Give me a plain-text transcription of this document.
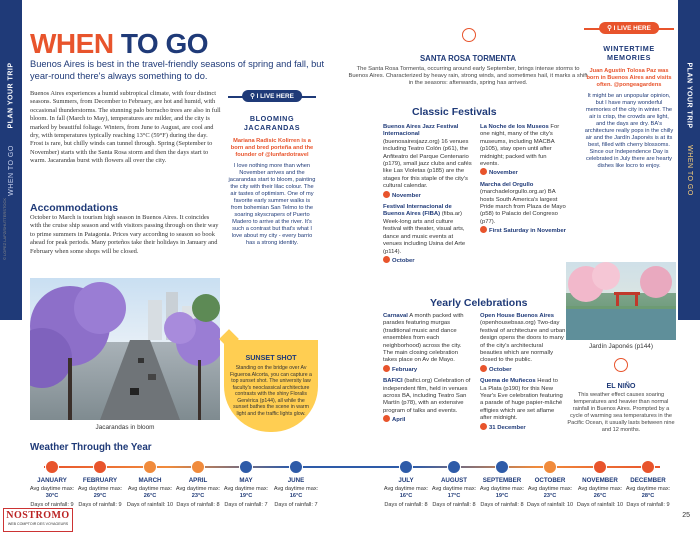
PLAN YOUR TRIP
WHEN TO GO
PLAN YOUR TRIP
WHEN TO GO
WHEN TO GO
Buenos Aires is best in the travel-friendly seasons of spring and fall, but year-round there's always something to do.
Buenos Aires experiences a humid subtropical climate, with four distinct seasons. Summers, from December to February, are hot and humid, with occasional thunderstorms. The stunning palo borracho trees are also in full bloom. In fall (March to May), temperatures are milder, and the city is marked by beautiful foliage. Winters, from June to August, are cool and dry, with temperatures typically reaching 13°C (59°F) during the day. Frost is rare, but chilly winds can tunnel through. Spring (September to November) starts with the Santa Rosa storm and then the days start to warm. Jacarandas burst with flowers all over the city.
Accommodations
October to March is tourism high season in Buenos Aires. It coincides with the cruise ship season and with visitors passing through on their way to prime summers in Patagonia. Prices vary according to season so book ahead for peak periods. Many porteños take their holidays in January and February when some shops will be closed.
⚲ I LIVE HERE
BLOOMING JACARANDAS
Mariana Radisic Kolirren is a born and bred porteña and the founder of @lunfardotravel
I love nothing more than when November arrives and the jacarandas start to bloom, painting the city with their lilac colour. The air tastes of optimism. One of my favorite early summer walks is from bohemian San Telmo to the soaring skyscrapers of Puerto Madero to arrive at the river. It's such a contrast but that's what I love about my city - every barrio has a strong identity.
Jacarandas in bloom
SUNSET SHOT
Standing on the bridge over Av Figueroa Alcorta, you can capture a top sunset shot. The university law faculty's neoclassical architecture contrasts with the shiny Floralis Genérica (p144), all while the sunset bathes the scene in warm light and the traffic lights glow.
SANTA ROSA TORMENTA
The Santa Rosa Tormenta, occurring around early September, brings intense storms to Buenos Aires. Characterized by heavy rain, strong winds, and sometimes hail, it marks a shift in the seasons: afterwards, spring has arrived.
Classic Festivals
Buenos Aires Jazz Festival Internacional (buenosairesjazz.org) 16 venues including Teatro Colón (p61), the Anfiteatro del Parque Centenario (p179), small jazz clubs and cafés like Las Violetas (p185) are the stages for this staple of the city's cultural calendar.
November
Festival Internacional de Buenos Aires (FIBA) (fiba.ar) Week-long arts and culture festival with theater, visual arts, dance and music events at venues including Usina del Arte (p114).
October
La Noche de los Museos For one night, many of the city's museums, including MACBA (p105), stay open until after midnight; packed with fun events.
November
Marcha del Orgullo (marchadelorgullo.org.ar) BA hosts South America's largest Pride march from Plaza de Mayo (p58) to Palacio del Congreso (p77).
First Saturday in November
Yearly Celebrations
Carnaval A month packed with parades featuring murgas (traditional music and dance ensembles from each neighborhood) across the city. The main closing celebration takes place on Av de Mayo.
February
BAFICI (bafici.org) Celebration of independent film, held in venues across BA, including Teatro San Martín (p78), with an extensive program of talks and events.
April
Open House Buenos Aires (openhousebsas.org) Two-day festival of architecture and urban design opens the doors to many of the city's architectural beauties which are normally closed to the public.
October
Quema de Muñecos Head to La Plata (p190) for this New Year's Eve celebration featuring a parade of huge papier-mâché effigies which are set aflame after midnight.
31 December
⚲ I LIVE HERE
WINTERTIME MEMORIES
Juan Agustín Tolosa Paz was born in Buenos Aires and visits often. @pongeagardens
It might be an unpopular opinion, but I have many wonderful memories of the city in winter. The air is crisp, the crowds are light, and the days are dry. BA's architecture really pops in the chilly air and the Jardín Japonés is at its best, filled with cherry blossoms. Since our Independence Day is celebrated in July there are hearty dishes like locro to enjoy.
Jardín Japonés (p144)
EL NIÑO
This weather effect causes soaring temperatures and heavier than normal rainfall in Buenos Aires. Prompted by a cycle of warming sea temperatures in the Pacific Ocean, it usually lasts between nine and 12 months.
Weather Through the Year
JANUARY
Avg daytime max: 30°C
Days of rainfall: 9
FEBRUARY
Avg daytime max: 29°C
Days of rainfall: 9
MARCH
Avg daytime max: 26°C
Days of rainfall: 10
APRIL
Avg daytime max: 23°C
Days of rainfall: 8
MAY
Avg daytime max: 19°C
Days of rainfall: 7
JUNE
Avg daytime max: 16°C
Days of rainfall: 7
JULY
Avg daytime max: 16°C
Days of rainfall: 8
AUGUST
Avg daytime max: 17°C
Days of rainfall: 8
SEPTEMBER
Avg daytime max: 19°C
Days of rainfall: 8
OCTOBER
Avg daytime max: 23°C
Days of rainfall: 10
NOVEMBER
Avg daytime max: 26°C
Days of rainfall: 10
DECEMBER
Avg daytime max: 28°C
Days of rainfall: 9
© LOPEZ LAPZ/SHUTTERSTOCK
25
NOSTROMO
WEB COMPTOIR DES VOYAGEURS
